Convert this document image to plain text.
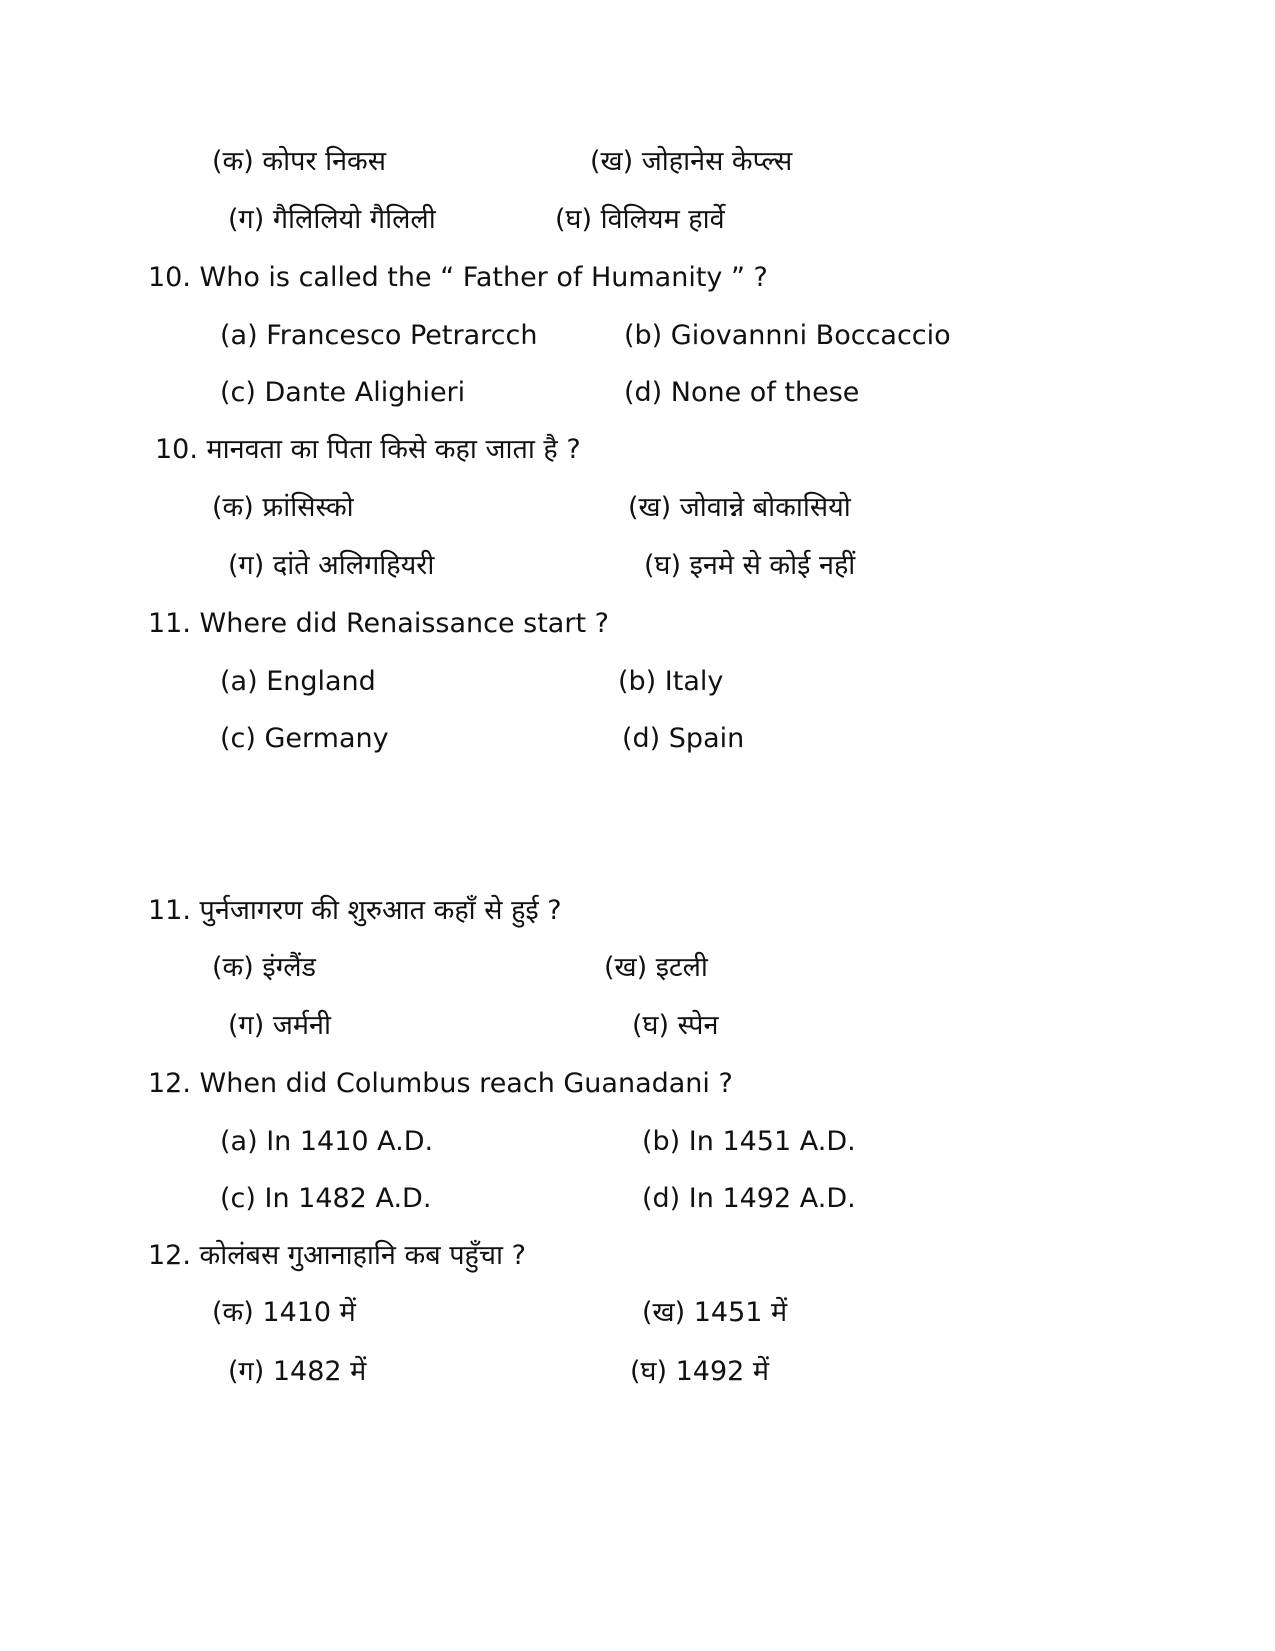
(क) कोपर निकस	(ख) जोहानेस केप्ल्स
(ग) गैलिलियो गैलिली	(घ) विलियम हार्वे
10. Who is called the “ Father of Humanity ” ?
(a) Francesco Petrarcch	(b) Giovannni Boccaccio
(c) Dante Alighieri	(d) None of these
10. मानवता का पिता किसे कहा जाता है ?
(क) फ्रांसिस्को	(ख) जोवान्ने बोकासियो
(ग) दांते अलिगहियरी	(घ) इनमे से कोई नहीं
11. Where did Renaissance start ?
(a) England	(b) Italy
(c) Germany	(d) Spain
11. पुर्नजागरण की शुरुआत कहाँ से हुई ?
(क) इंग्लैंड	(ख) इटली
(ग) जर्मनी	(घ) स्पेन
12. When did Columbus reach Guanadani ?
(a) In 1410 A.D.	(b) In 1451 A.D.
(c) In 1482 A.D.	(d) In 1492 A.D.
12. कोलंबस गुआनाहानि कब पहुँचा ?
(क) 1410 में	(ख) 1451 में
(ग) 1482 में	(घ) 1492 में
